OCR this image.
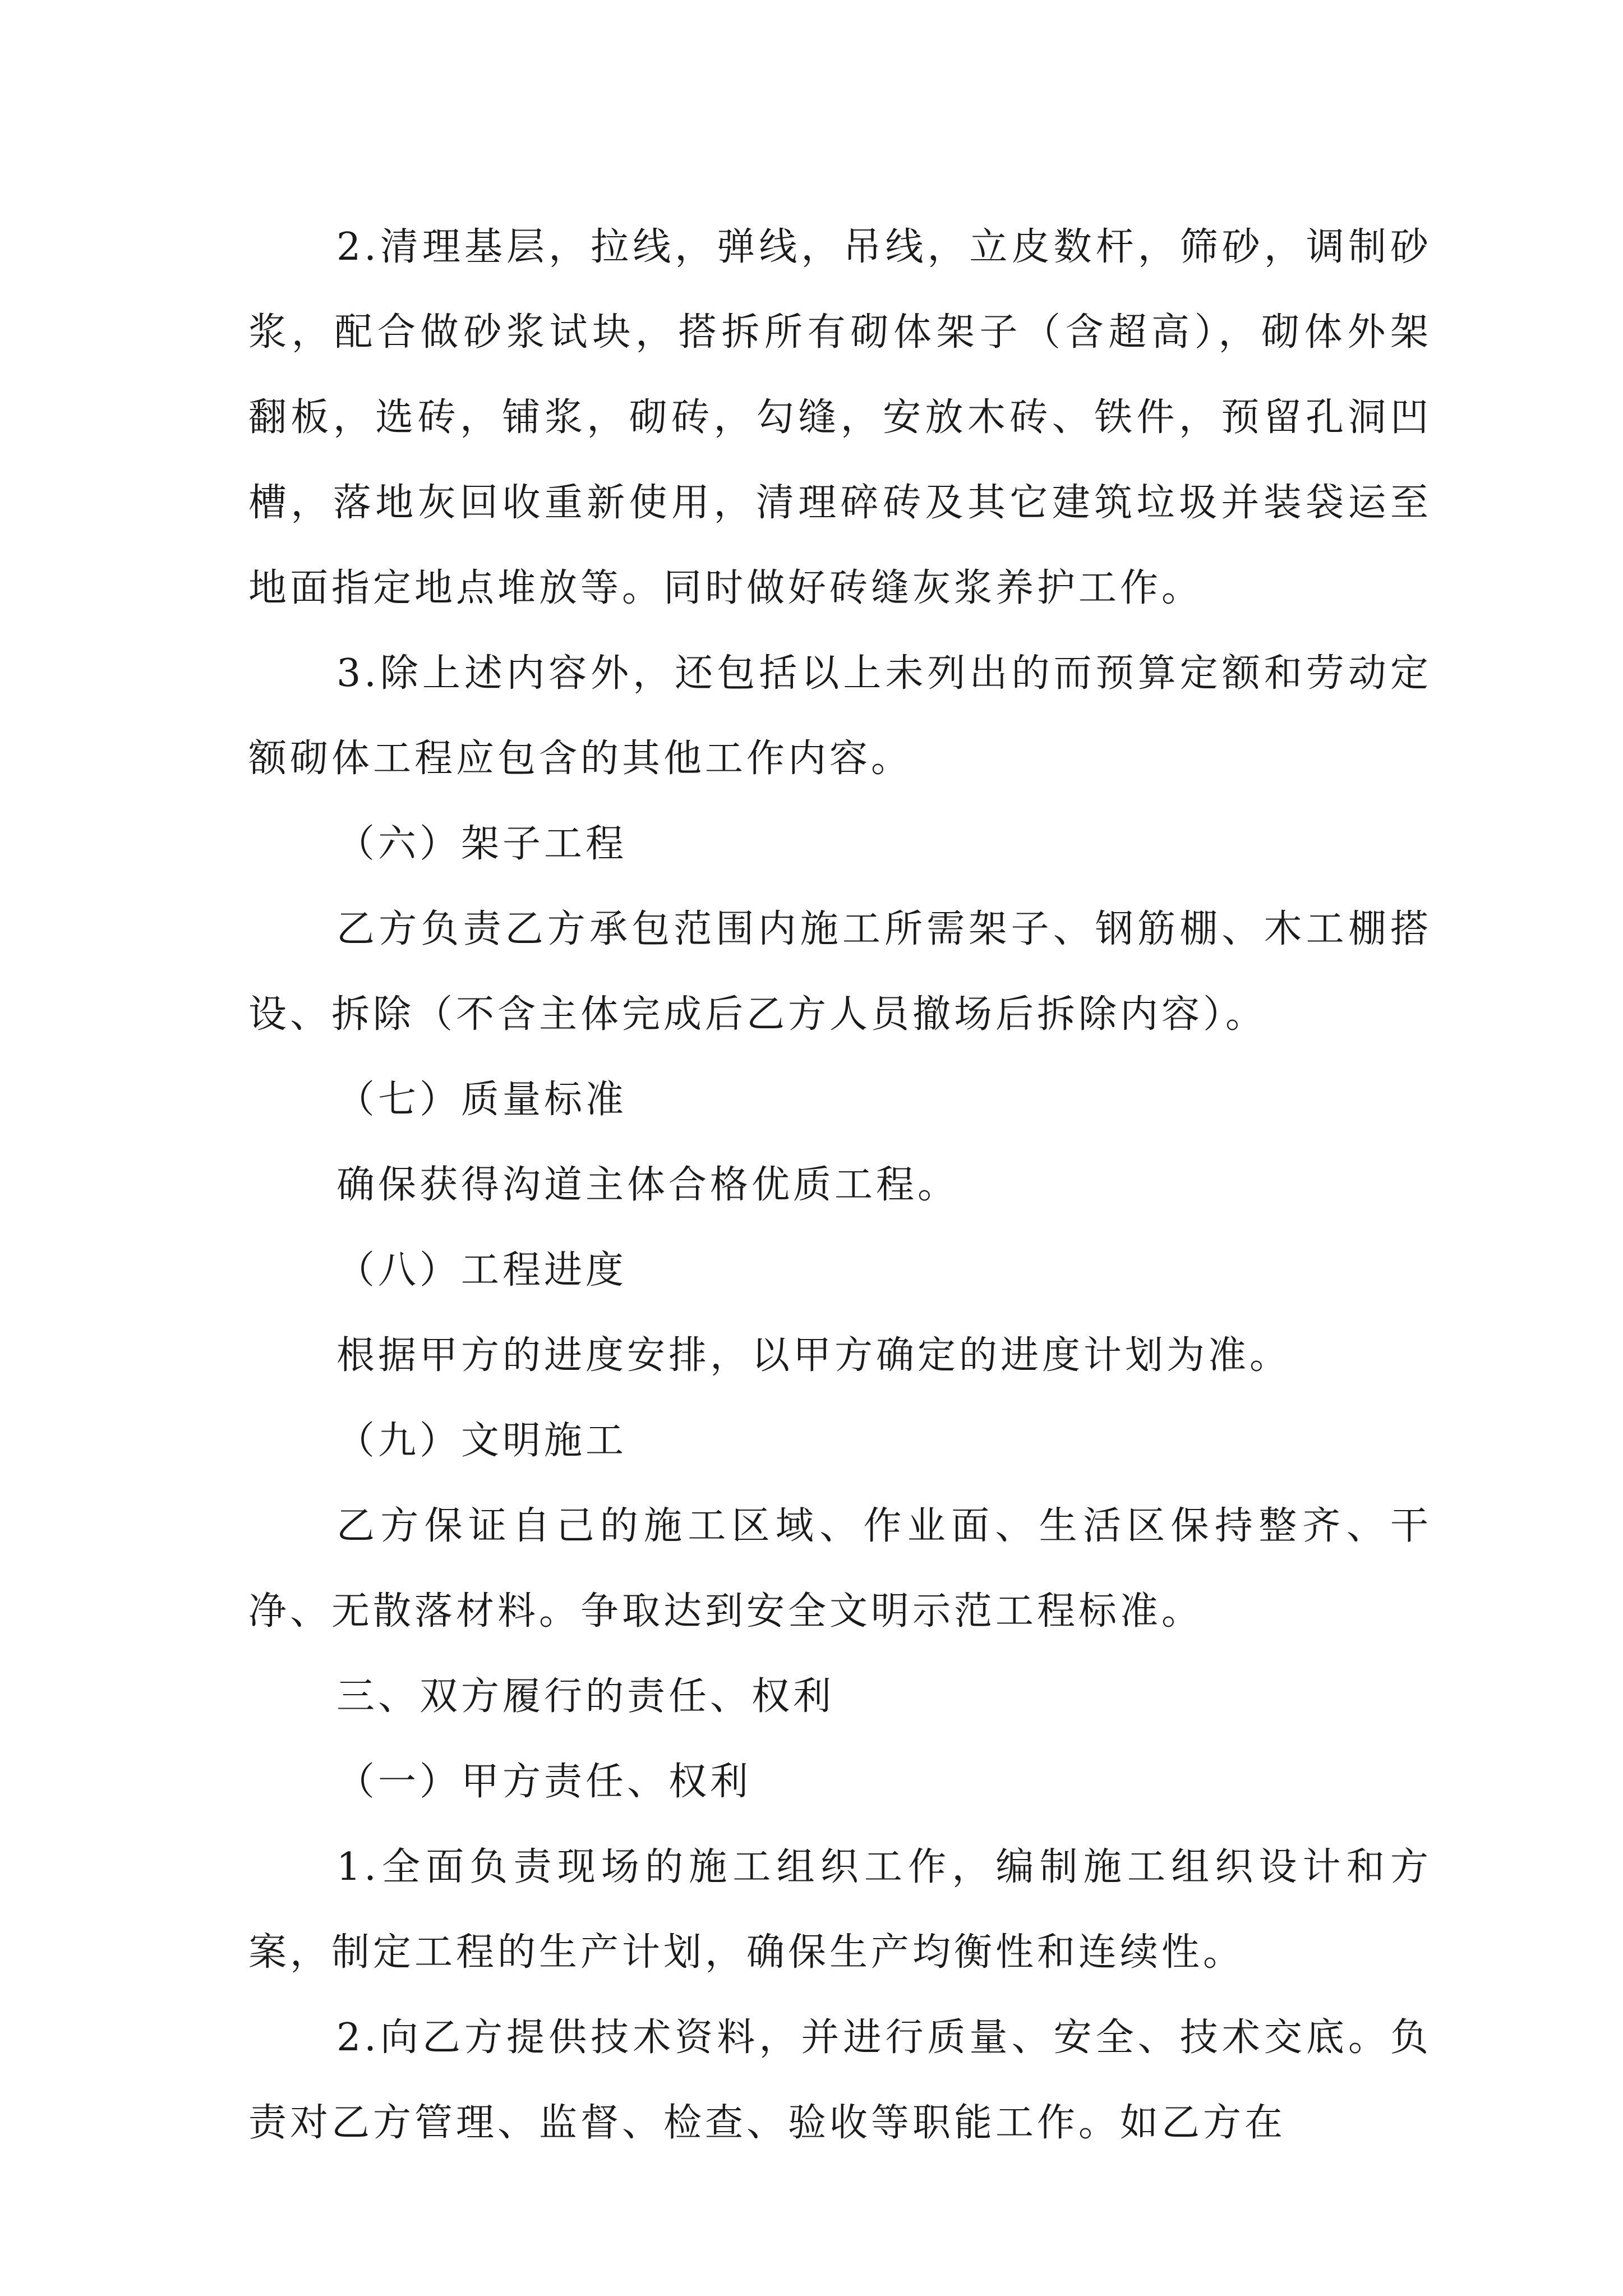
2.清理基层，拉线，弹线，吊线，立皮数杆，筛砂，调制砂浆，配合做砂浆试块，搭拆所有砌体架子（含超高），砌体外架翻板，选砖，铺浆，砌砖，勾缝，安放木砖、铁件，预留孔洞凹槽，落地灰回收重新使用，清理碎砖及其它建筑垃圾并装袋运至地面指定地点堆放等。同时做好砖缝灰浆养护工作。

3.除上述内容外，还包括以上未列出的而预算定额和劳动定额砌体工程应包含的其他工作内容。

（六）架子工程

乙方负责乙方承包范围内施工所需架子、钢筋棚、木工棚搭设、拆除（不含主体完成后乙方人员撤场后拆除内容）。

（七）质量标准

确保获得沟道主体合格优质工程。

（八）工程进度

根据甲方的进度安排，以甲方确定的进度计划为准。

（九）文明施工

乙方保证自己的施工区域、作业面、生活区保持整齐、干净、无散落材料。争取达到安全文明示范工程标准。

三、双方履行的责任、权利

（一）甲方责任、权利

1.全面负责现场的施工组织工作，编制施工组织设计和方案，制定工程的生产计划，确保生产均衡性和连续性。

2.向乙方提供技术资料，并进行质量、安全、技术交底。负责对乙方管理、监督、检查、验收等职能工作。如乙方在
